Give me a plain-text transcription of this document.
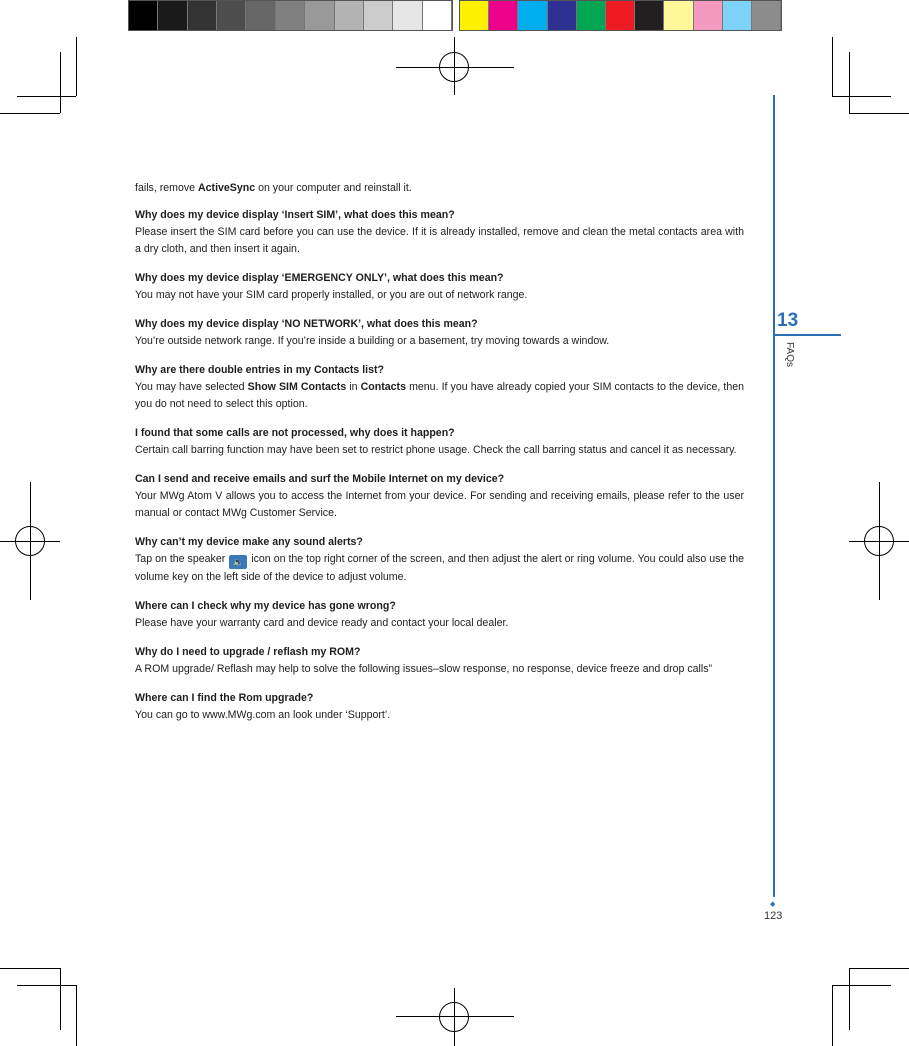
13
FAQs
◆
123
fails, remove ActiveSync on your computer and reinstall it.
Why does my device display ‘Insert SIM’, what does this mean?
Please insert the SIM card before you can use the device. If it is already installed, remove and clean the metal contacts area with a dry cloth, and then insert it again.
Why does my device display ‘EMERGENCY ONLY’, what does this mean?
You may not have your SIM card properly installed, or you are out of network range.
Why does my device display ‘NO NETWORK’, what does this mean?
You’re outside network range. If you’re inside a building or a basement, try moving towards a window.
Why are there double entries in my Contacts list?
You may have selected Show SIM Contacts in Contacts menu. If you have already copied your SIM contacts to the device, then you do not need to select this option.
I found that some calls are not processed, why does it happen?
Certain call barring function may have been set to restrict phone usage. Check the call barring status and cancel it as necessary.
Can I send and receive emails and surf the Mobile Internet on my device?
Your MWg Atom V allows you to access the Internet from your device. For sending and receiving emails, please refer to the user manual or contact MWg Customer Service.
Why can’t my device make any sound alerts?
Tap on the speaker 🔈 icon on the top right corner of the screen, and then adjust the alert or ring volume. You could also use the volume key on the left side of the device to adjust volume.
Where can I check why my device has gone wrong?
Please have your warranty card and device ready and contact your local dealer.
Why do I need to upgrade / reflash my ROM?
A ROM upgrade/ Reflash may help to solve the following issues–slow response, no response, device freeze and drop calls”
Where can I find the Rom upgrade?
You can go to www.MWg.com an look under ‘Support’.
